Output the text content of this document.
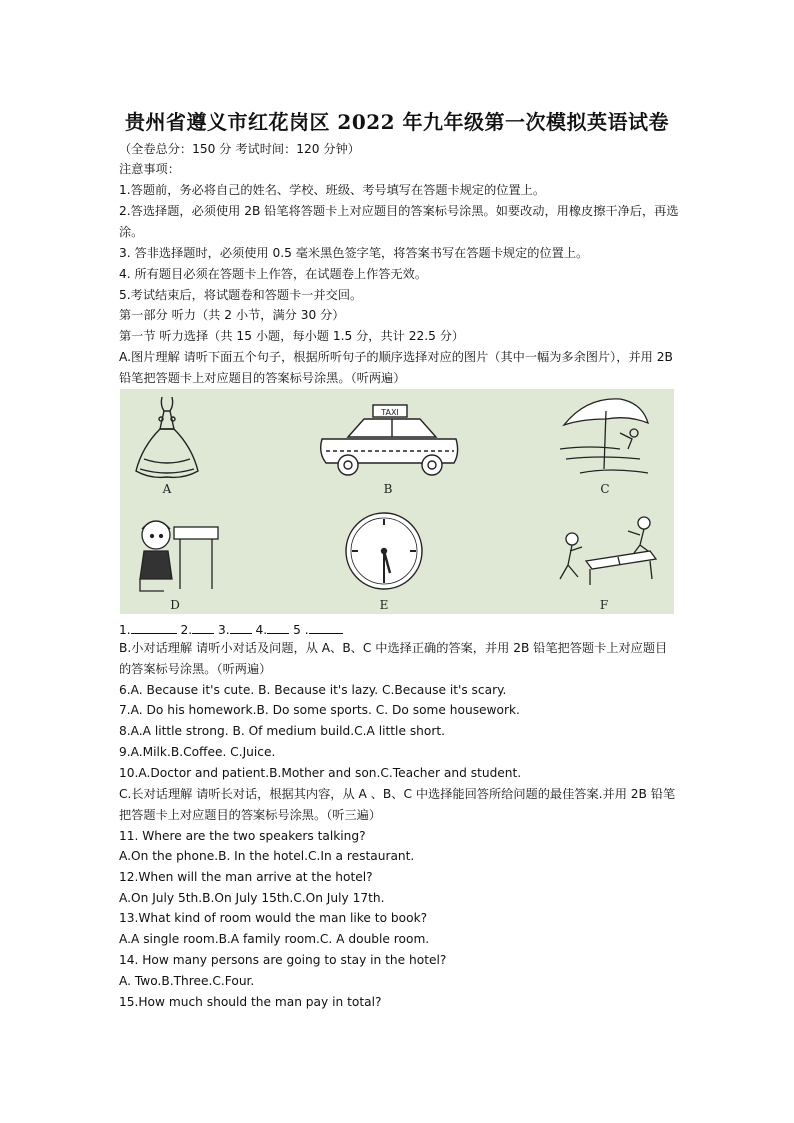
贵州省遵义市红花岗区 2022 年九年级第一次模拟英语试卷
（全卷总分：150 分 考试时间：120 分钟）
注意事项：
1.答题前，务必将自己的姓名、学校、班级、考号填写在答题卡规定的位置上。
2.答选择题，必须使用 2B 铅笔将答题卡上对应题目的答案标号涂黑。如要改动，用橡皮擦干净后，再选涂。
3. 答非选择题时，必须使用 0.5 毫米黑色签字笔，将答案书写在答题卡规定的位置上。
4. 所有题目必须在答题卡上作答，在试题卷上作答无效。
5.考试结束后，将试题卷和答题卡一并交回。
第一部分 听力（共 2 小节，满分 30 分）
第一节 听力选择（共 15 小题，每小题 1.5 分，共计 22.5 分）
A.图片理解 请听下面五个句子，根据所听句子的顺序选择对应的图片（其中一幅为多余图片），并用 2B 铅笔把答题卡上对应题目的答案标号涂黑。（听两遍）
A
TAXI
B	C
D	E	F
1.	2. 3. 4. 5 .
B.小对话理解 请听小对话及问题，从 A、B、C 中选择正确的答案，并用 2B 铅笔把答题卡上对应题目的答案标号涂黑。（听两遍）
6.A. Because it's cute. B. Because it's lazy. C.Because it's scary.
7.A. Do his homework.B. Do some sports. C. Do some housework.
8.A.A little strong. B. Of medium build.C.A little short.
9.A.Milk.B.Coffee. C.Juice.
10.A.Doctor and patient.B.Mother and son.C.Teacher and student.
C.长对话理解 请听长对话，根据其内容，从 A 、B、C 中选择能回答所给问题的最佳答案.并用 2B 铅笔把答题卡上对应题目的答案标号涂黑。（听三遍）
11. Where are the two speakers talking?
A.On the phone.B. In the hotel.C.In a restaurant.
12.When will the man arrive at the hotel?
A.On July 5th.B.On July 15th.C.On July 17th.
13.What kind of room would the man like to book?
A.A single room.B.A family room.C. A double room.
14. How many persons are going to stay in the hotel?
A. Two.B.Three.C.Four.
15.How much should the man pay in total?
